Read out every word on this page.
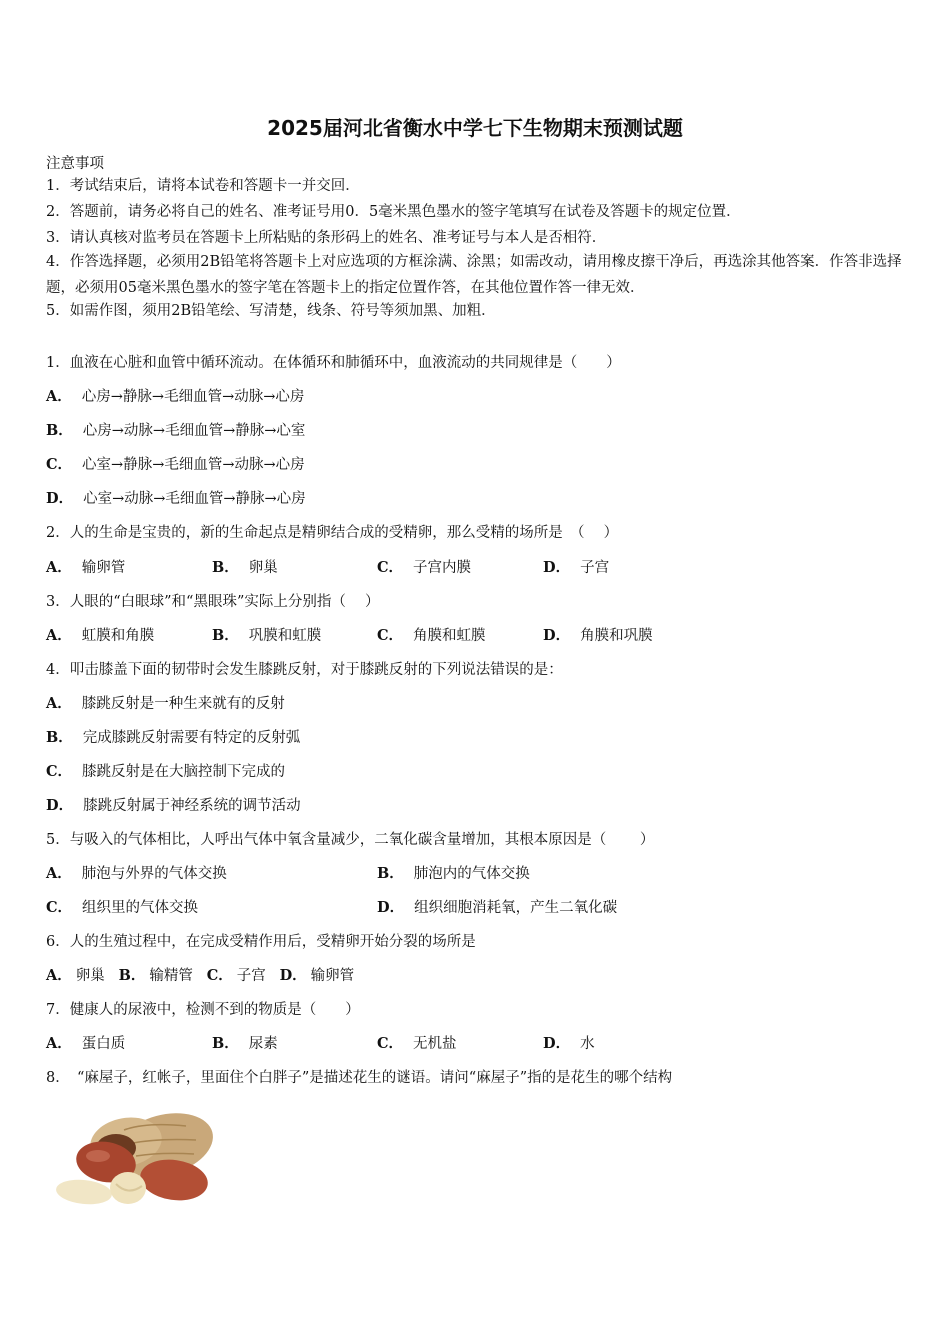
2025届河北省衡水中学七下生物期末预测试题
注意事项
1．考试结束后，请将本试卷和答题卡一并交回．
2．答题前，请务必将自己的姓名、准考证号用0．5毫米黑色墨水的签字笔填写在试卷及答题卡的规定位置．
3．请认真核对监考员在答题卡上所粘贴的条形码上的姓名、准考证号与本人是否相符．
4．作答选择题，必须用2B铅笔将答题卡上对应选项的方框涂满、涂黑；如需改动，请用橡皮擦干净后，再选涂其他答案．作答非选择题，必须用05毫米黑色墨水的签字笔在答题卡上的指定位置作答，在其他位置作答一律无效．
5．如需作图，须用2B铅笔绘、写清楚，线条、符号等须加黑、加粗．
1．血液在心脏和血管中循环流动。在体循环和肺循环中，血液流动的共同规律是（　　）
A． 心房→静脉→毛细血管→动脉→心房
B． 心房→动脉→毛细血管→静脉→心室
C． 心室→静脉→毛细血管→动脉→心房
D． 心室→动脉→毛细血管→静脉→心房
2．人的生命是宝贵的，新的生命起点是精卵结合成的受精卵，那么受精的场所是　（　 ）
A． 输卵管	B． 卵巢	C． 子宫内膜	D． 子宫
3．人眼的“白眼球”和“黑眼珠”实际上分别指（　 ）
A． 虹膜和角膜	B． 巩膜和虹膜	C． 角膜和虹膜	D． 角膜和巩膜
4．叩击膝盖下面的韧带时会发生膝跳反射，对于膝跳反射的下列说法错误的是：
A． 膝跳反射是一种生来就有的反射
B． 完成膝跳反射需要有特定的反射弧
C． 膝跳反射是在大脑控制下完成的
D． 膝跳反射属于神经系统的调节活动
5．与吸入的气体相比，人呼出气体中氧含量减少，二氧化碳含量增加，其根本原因是（　　 ）
A． 肺泡与外界的气体交换	B． 肺泡内的气体交换
C． 组织里的气体交换	D． 组织细胞消耗氧，产生二氧化碳
6．人的生殖过程中，在完成受精作用后，受精卵开始分裂的场所是
A． 卵巢 B． 输精管 C． 子宫 D． 输卵管
7．健康人的尿液中，检测不到的物质是（　　）
A． 蛋白质	B． 尿素	C． 无机盐	D． 水
8．　“麻屋子，红帐子，里面住个白胖子”是描述花生的谜语。请问“麻屋子”指的是花生的哪个结构
